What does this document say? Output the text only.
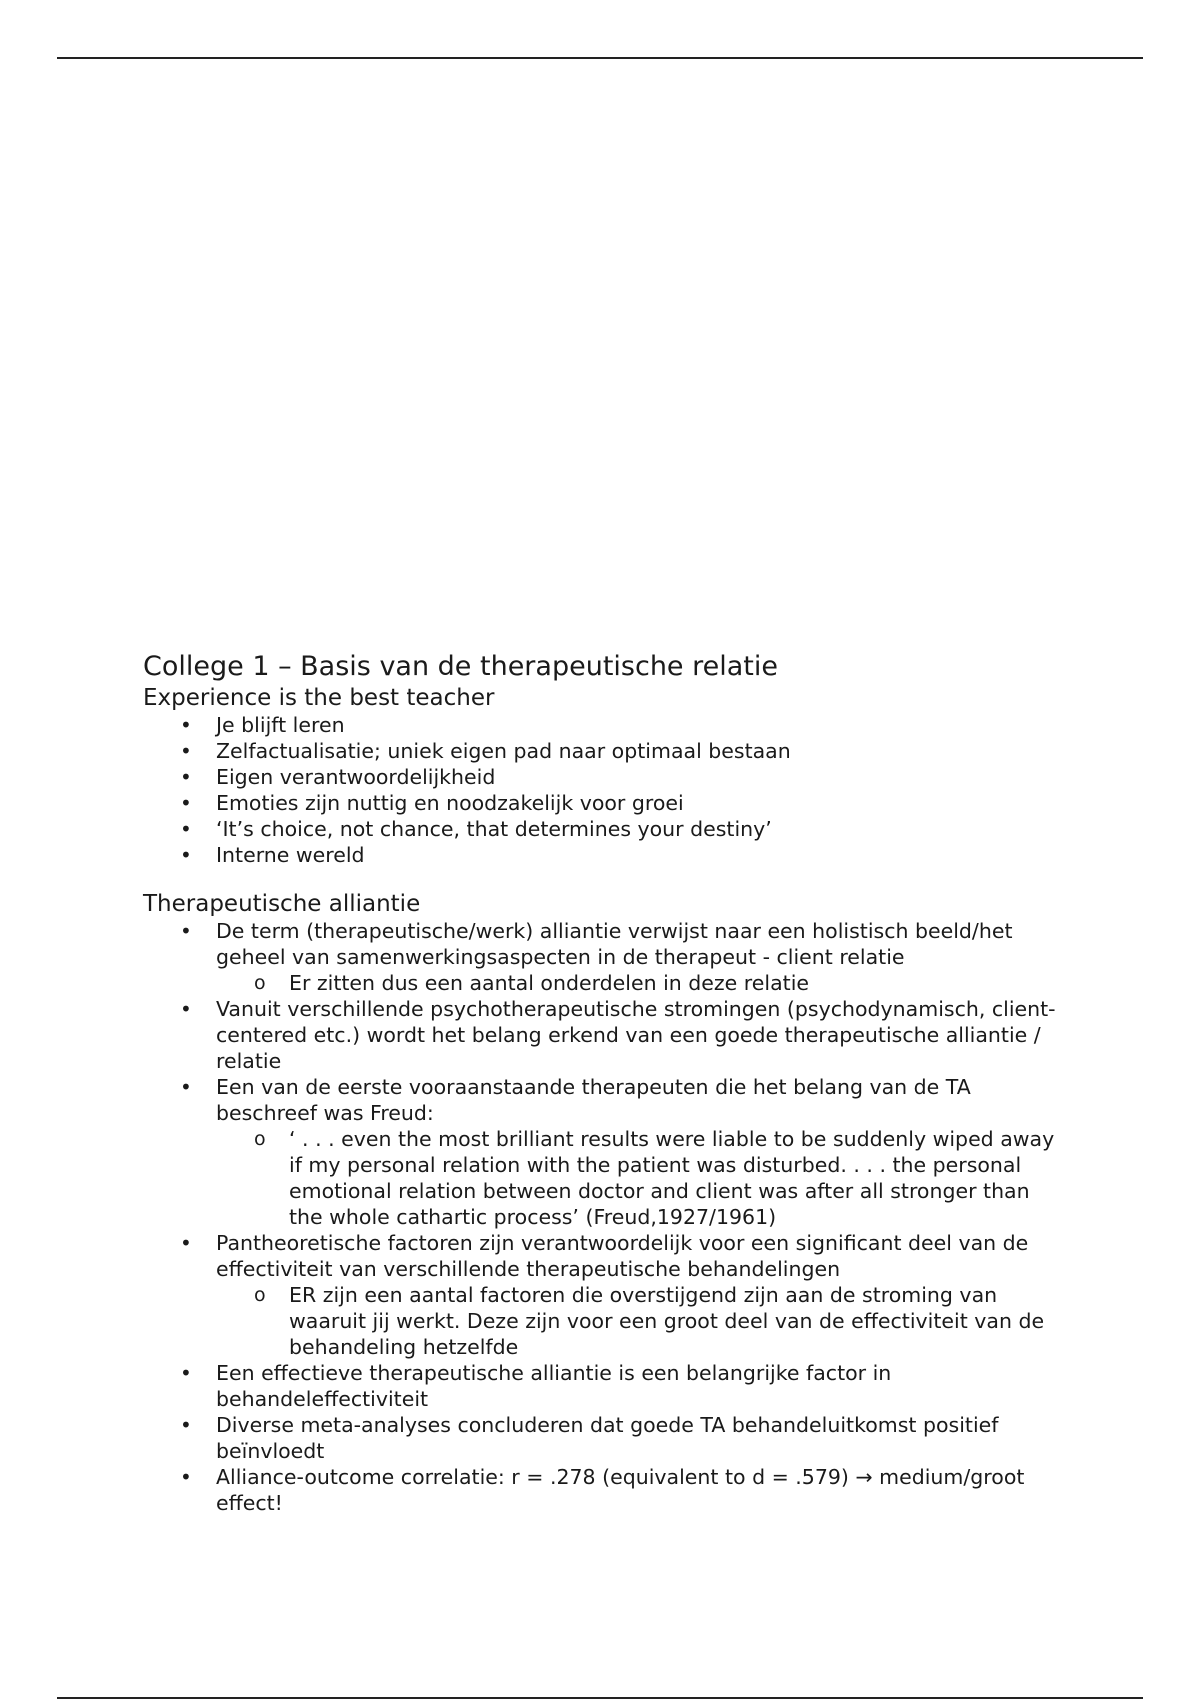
College 1 – Basis van de therapeutische relatie
Experience is the best teacher
• Je blijft leren
• Zelfactualisatie; uniek eigen pad naar optimaal bestaan
• Eigen verantwoordelijkheid
• Emoties zijn nuttig en noodzakelijk voor groei
• ‘It’s choice, not chance, that determines your destiny’
• Interne wereld
Therapeutische alliantie
• De term (therapeutische/werk) alliantie verwijst naar een holistisch beeld/het geheel van samenwerkingsaspecten in de therapeut - client relatie
o Er zitten dus een aantal onderdelen in deze relatie
• Vanuit verschillende psychotherapeutische stromingen (psychodynamisch, client-centered etc.) wordt het belang erkend van een goede therapeutische alliantie / relatie
• Een van de eerste vooraanstaande therapeuten die het belang van de TA beschreef was Freud:
o ‘ . . . even the most brilliant results were liable to be suddenly wiped away if my personal relation with the patient was disturbed. . . . the personal emotional relation between doctor and client was after all stronger than the whole cathartic process’ (Freud,1927/1961)
• Pantheoretische factoren zijn verantwoordelijk voor een significant deel van de effectiviteit van verschillende therapeutische behandelingen
o ER zijn een aantal factoren die overstijgend zijn aan de stroming van waaruit jij werkt. Deze zijn voor een groot deel van de effectiviteit van de behandeling hetzelfde
• Een effectieve therapeutische alliantie is een belangrijke factor in behandeleffectiviteit
• Diverse meta-analyses concluderen dat goede TA behandeluitkomst positief beïnvloedt
• Alliance-outcome correlatie: r = .278 (equivalent to d = .579) → medium/groot effect!
